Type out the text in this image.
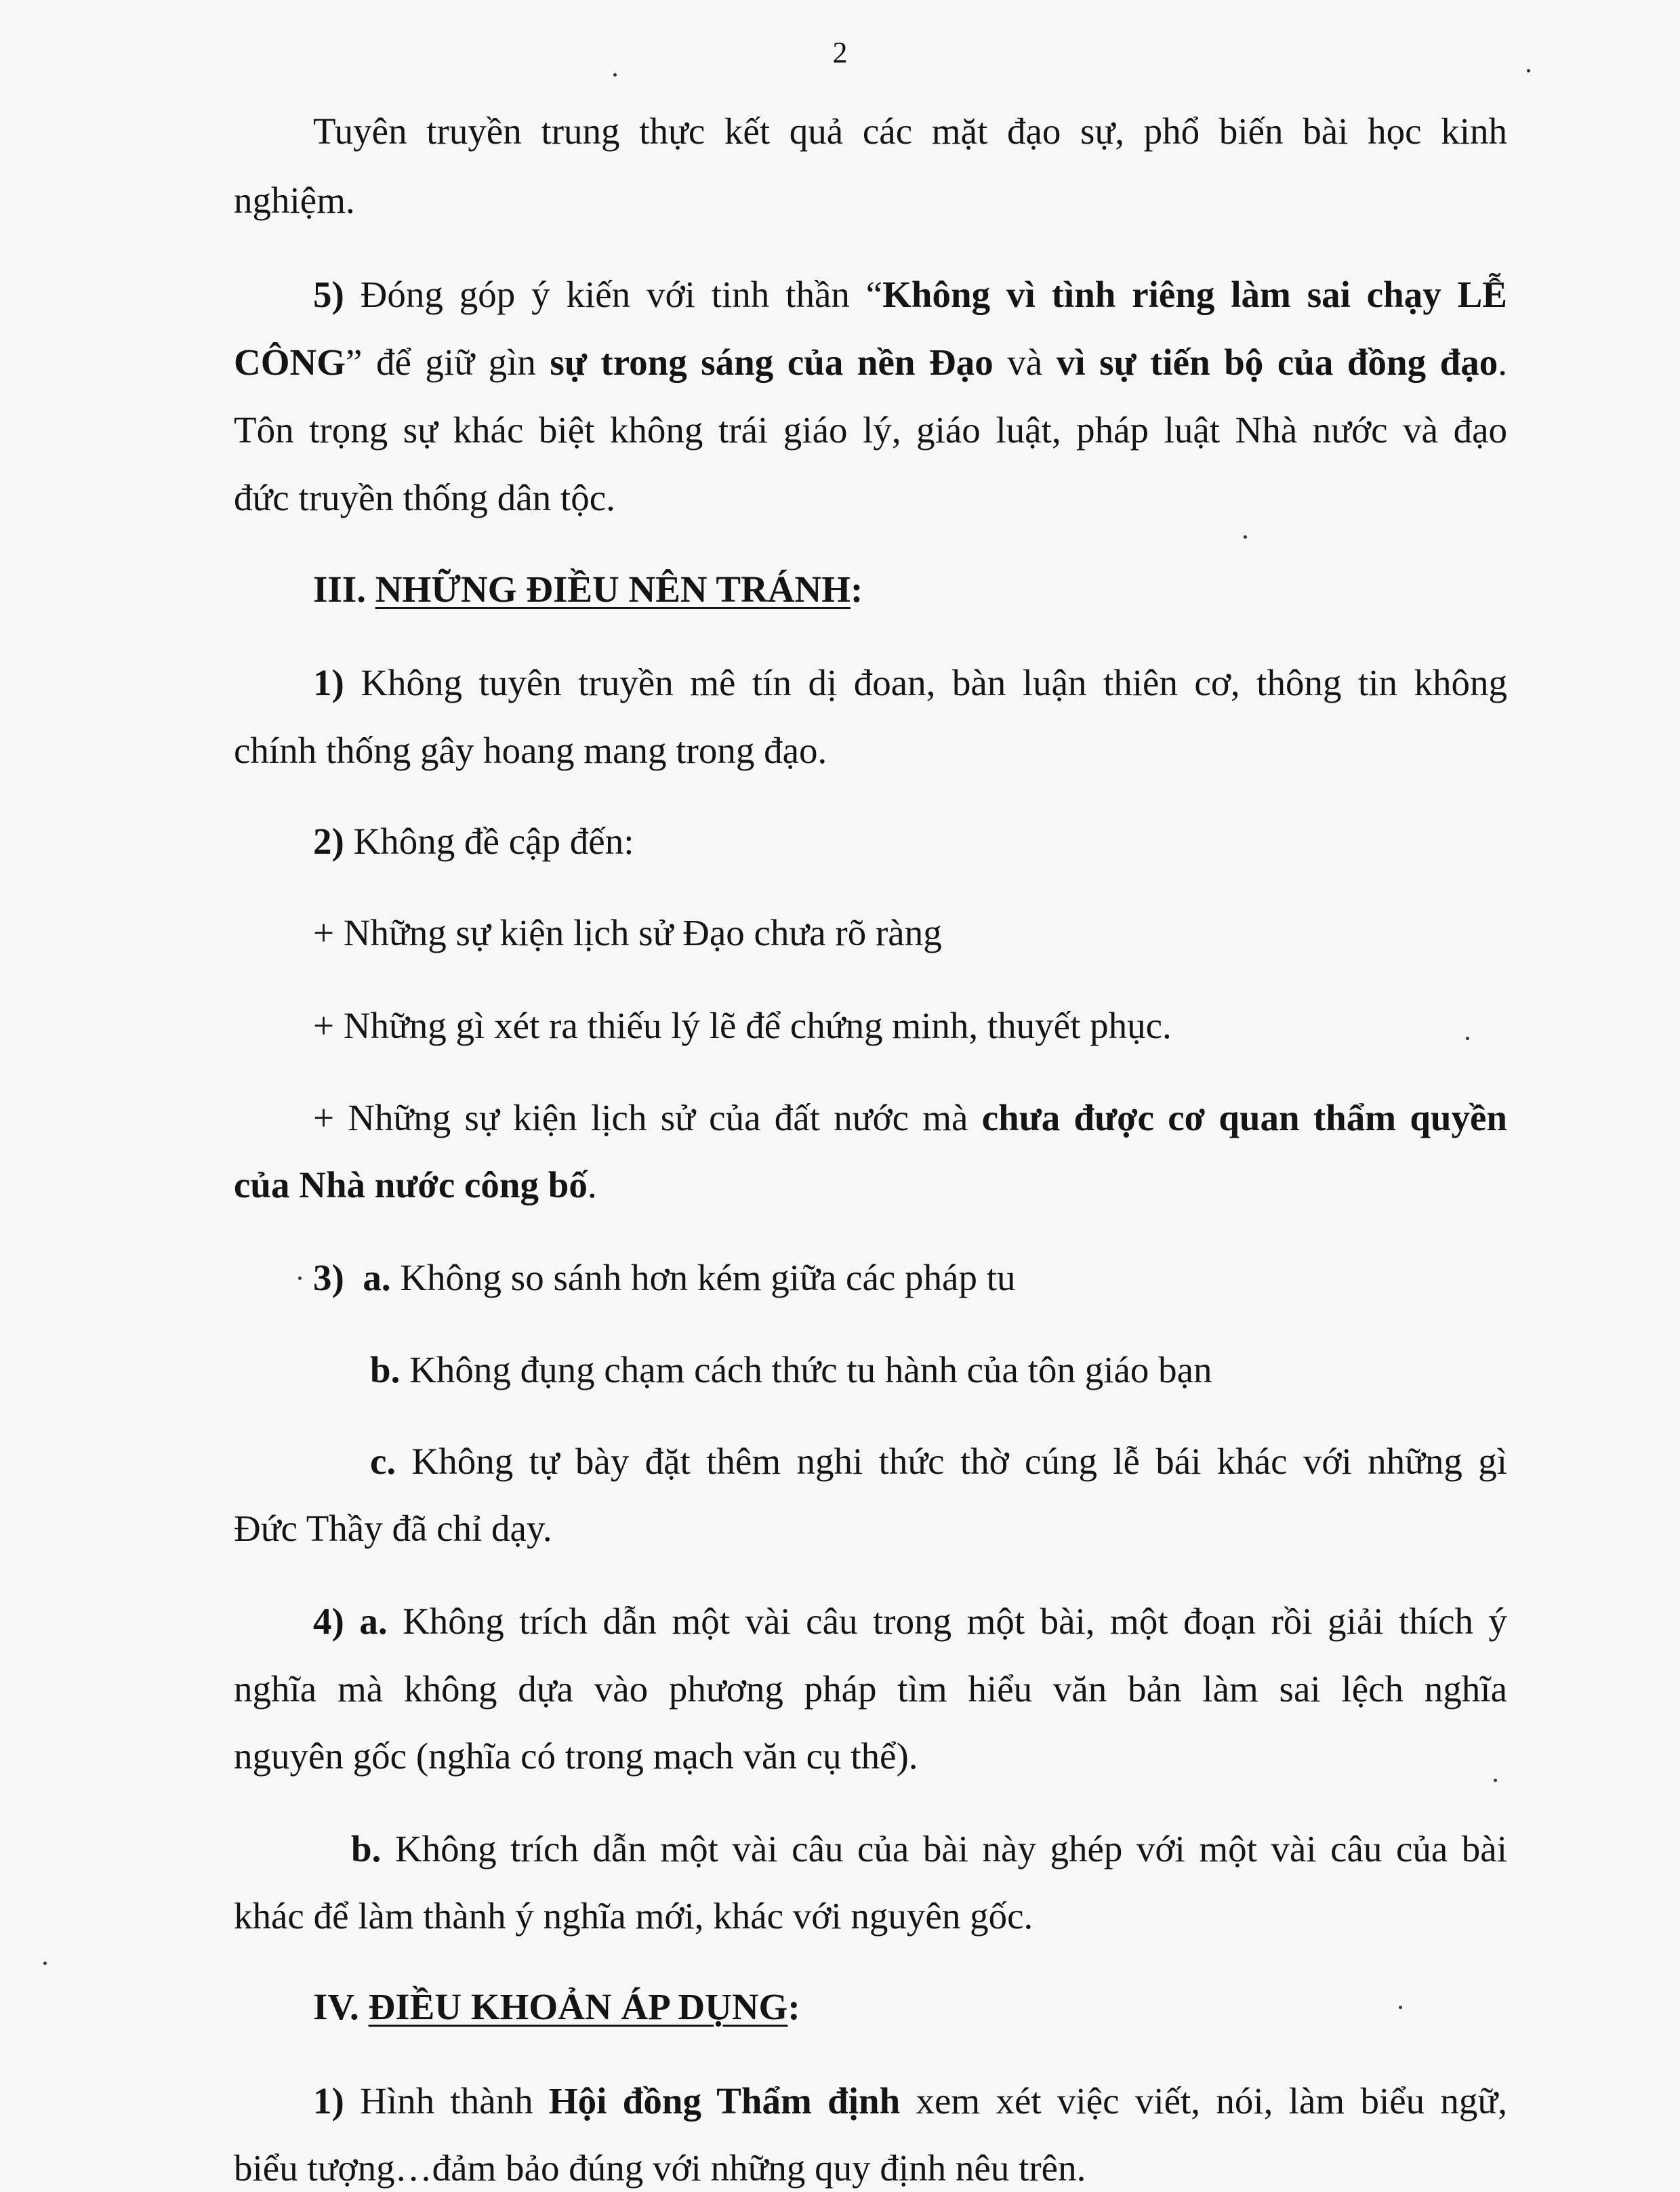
2
Tuyên truyền trung thực kết quả các mặt đạo sự, phổ biến bài học kinh
nghiệm.
5) Đóng góp ý kiến với tinh thần “Không vì tình riêng làm sai chạy LỄ
CÔNG” để giữ gìn sự trong sáng của nền Đạo và vì sự tiến bộ của đồng đạo.
Tôn trọng sự khác biệt không trái giáo lý, giáo luật, pháp luật Nhà nước và đạo
đức truyền thống dân tộc.
III. NHỮNG ĐIỀU NÊN TRÁNH:
1) Không tuyên truyền mê tín dị đoan, bàn luận thiên cơ, thông tin không
chính thống gây hoang mang trong đạo.
2) Không đề cập đến:
+ Những sự kiện lịch sử Đạo chưa rõ ràng
+ Những gì xét ra thiếu lý lẽ để chứng minh, thuyết phục.
+ Những sự kiện lịch sử của đất nước mà chưa được cơ quan thẩm quyền
của Nhà nước công bố.
3) a. Không so sánh hơn kém giữa các pháp tu
b. Không đụng chạm cách thức tu hành của tôn giáo bạn
c. Không tự bày đặt thêm nghi thức thờ cúng lễ bái khác với những gì
Đức Thầy đã chỉ dạy.
4) a. Không trích dẫn một vài câu trong một bài, một đoạn rồi giải thích ý
nghĩa mà không dựa vào phương pháp tìm hiểu văn bản làm sai lệch nghĩa
nguyên gốc (nghĩa có trong mạch văn cụ thể).
b. Không trích dẫn một vài câu của bài này ghép với một vài câu của bài
khác để làm thành ý nghĩa mới, khác với nguyên gốc.
IV. ĐIỀU KHOẢN ÁP DỤNG:
1) Hình thành Hội đồng Thẩm định xem xét việc viết, nói, làm biểu ngữ,
biểu tượng…đảm bảo đúng với những quy định nêu trên.
